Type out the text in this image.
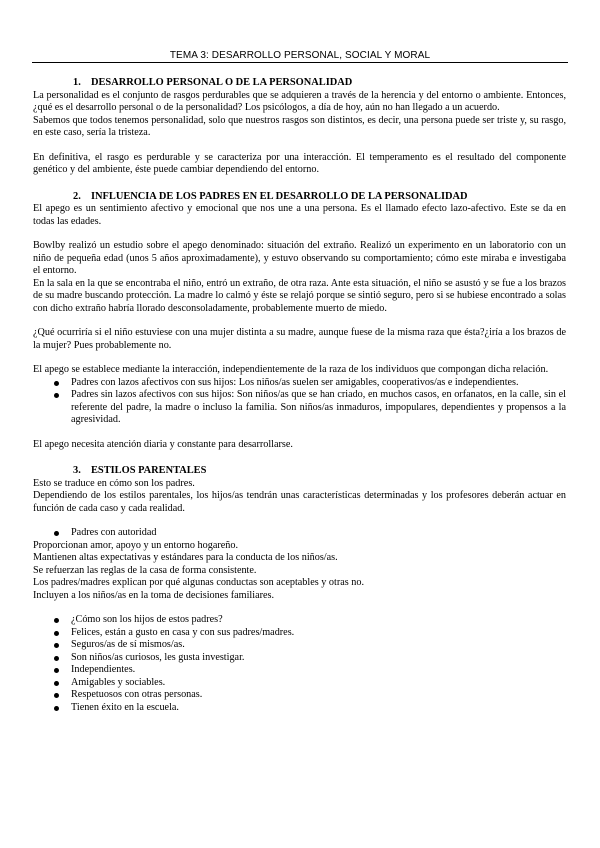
TEMA 3: DESARROLLO PERSONAL, SOCIAL Y MORAL
1. DESARROLLO PERSONAL O DE LA PERSONALIDAD

La personalidad es el conjunto de rasgos perdurables que se adquieren a través de la herencia y del entorno o ambiente. Entonces, ¿qué es el desarrollo personal o de la personalidad? Los psicólogos, a día de hoy, aún no han llegado a un acuerdo.

Sabemos que todos tenemos personalidad, solo que nuestros rasgos son distintos, es decir, una persona puede ser triste y, su rasgo, en este caso, sería la tristeza.

En definitiva, el rasgo es perdurable y se caracteriza por una interacción. El temperamento es el resultado del componente genético y del ambiente, éste puede cambiar dependiendo del entorno.

2. INFLUENCIA DE LOS PADRES EN EL DESARROLLO DE LA PERSONALIDAD

El apego es un sentimiento afectivo y emocional que nos une a una persona. Es el llamado efecto lazo-afectivo. Este se da en todas las edades.

Bowlby realizó un estudio sobre el apego denominado: situación del extraño. Realizó un experimento en un laboratorio con un niño de pequeña edad (unos 5 años aproximadamente), y estuvo observando su comportamiento; cómo este miraba e investigaba el entorno.

En la sala en la que se encontraba el niño, entró un extraño, de otra raza. Ante esta situación, el niño se asustó y se fue a los brazos de su madre buscando protección. La madre lo calmó y éste se relajó porque se sintió seguro, pero si se hubiese encontrado a solas con dicho extraño habría llorado desconsoladamente, probablemente muerto de miedo.

¿Qué ocurriría si el niño estuviese con una mujer distinta a su madre, aunque fuese de la misma raza que ésta?¿iría a los brazos de la mujer? Pues probablemente no.

El apego se establece mediante la interacción, independientemente de la raza de los individuos que compongan dicha relación.

Padres con lazos afectivos con sus hijos: Los niños/as suelen ser amigables, cooperativos/as e independientes.
Padres sin lazos afectivos con sus hijos: Son niños/as que se han criado, en muchos casos, en orfanatos, en la calle, sin el referente del padre, la madre o incluso la familia. Son niños/as inmaduros, impopulares, dependientes y propensos a la agresividad.

El apego necesita atención diaria y constante para desarrollarse.

3. ESTILOS PARENTALES

Esto se traduce en cómo son los padres.

Dependiendo de los estilos parentales, los hijos/as tendrán unas características determinadas y los profesores deberán actuar en función de cada caso y cada realidad.

Padres con autoridad

Proporcionan amor, apoyo y un entorno hogareño.

Mantienen altas expectativas y estándares para la conducta de los niños/as.

Se refuerzan las reglas de la casa de forma consistente.

Los padres/madres explican por qué algunas conductas son aceptables y otras no.

Incluyen a los niños/as en la toma de decisiones familiares.

¿Cómo son los hijos de estos padres?
Felices, están a gusto en casa y con sus padres/madres.
Seguros/as de sí mismos/as.
Son niños/as curiosos, les gusta investigar.
Independientes.
Amigables y sociables.
Respetuosos con otras personas.
Tienen éxito en la escuela.
